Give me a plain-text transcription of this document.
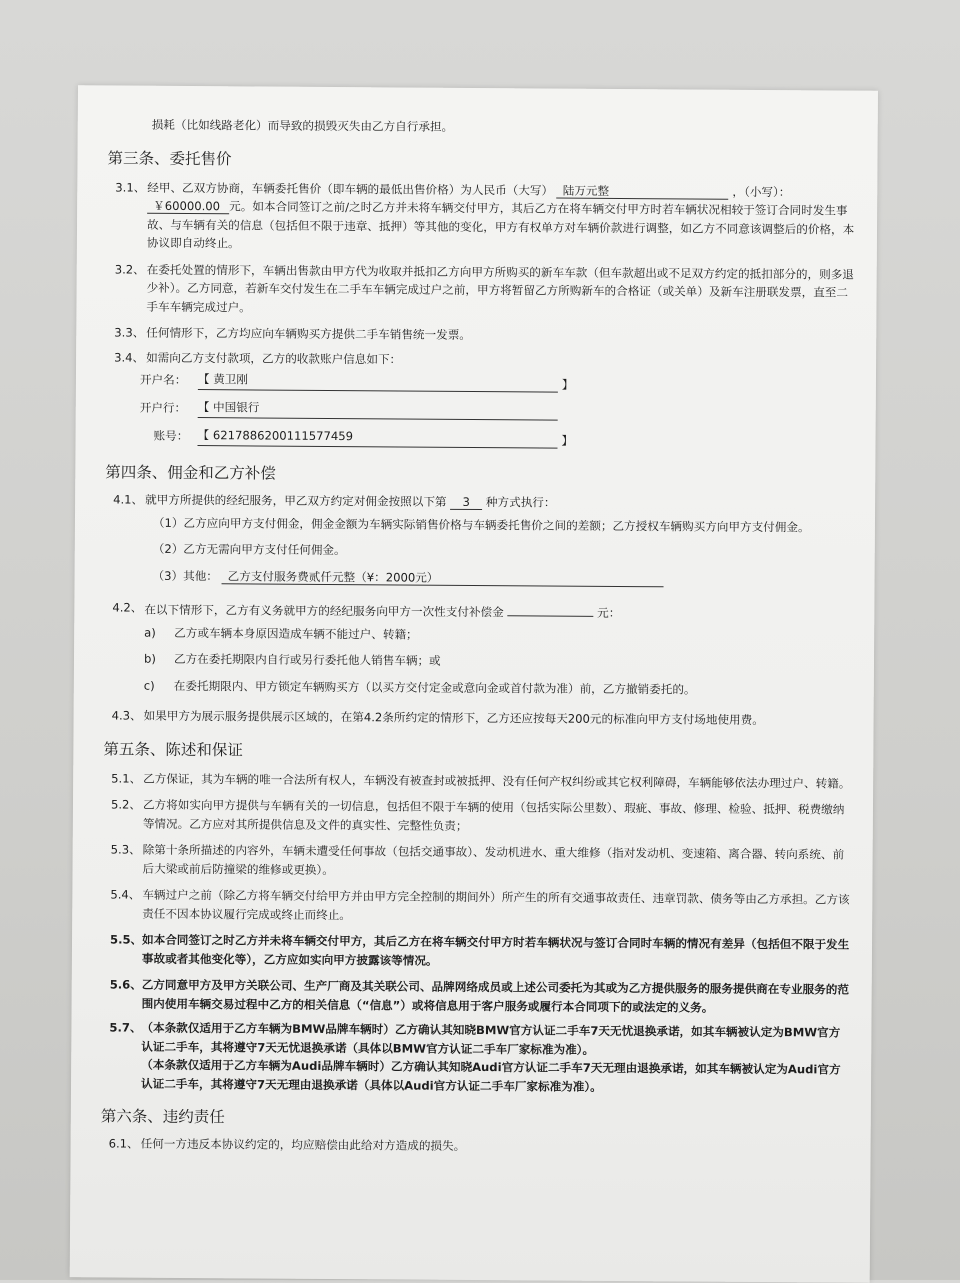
损耗（比如线路老化）而导致的损毁灭失由乙方自行承担。

第三条、委托售价

3.1、 经甲、乙双方协商，车辆委托售价（即车辆的最低出售价格）为人民币（大写） 陆万元整	，（小写）：
￥60000.00 元。如本合同签订之前/之时乙方并未将车辆交付甲方，其后乙方在将车辆交付甲方时若车辆状况相较于签订合同时发生事故、与车辆有关的信息（包括但不限于违章、抵押）等其他的变化，甲方有权单方对车辆价款进行调整，如乙方不同意该调整后的价格，本协议即自动终止。
3.2、 在委托处置的情形下，车辆出售款由甲方代为收取并抵扣乙方向甲方所购买的新车车款（但车款超出或不足双方约定的抵扣部分的，则多退少补）。乙方同意，若新车交付发生在二手车车辆完成过户之前，甲方将暂留乙方所购新车的合格证（或关单）及新车注册联发票，直至二手车车辆完成过户。
3.3、 任何情形下，乙方均应向车辆购买方提供二手车销售统一发票。
3.4、 如需向乙方支付款项，乙方的收款账户信息如下：
开户名： 【 黄卫刚	】
开户行： 【 中国银行
账号： 【 6217886200111577459	】

第四条、佣金和乙方补偿

4.1、 就甲方所提供的经纪服务，甲乙双方约定对佣金按照以下第 3 种方式执行：

（1）乙方应向甲方支付佣金，佣金金额为车辆实际销售价格与车辆委托售价之间的差额；乙方授权车辆购买方向甲方支付佣金。

（2）乙方无需向甲方支付任何佣金。

（3）其他： 乙方支付服务费贰仟元整（¥：2000元）

4.2、 在以下情形下，乙方有义务就甲方的经纪服务向甲方一次性支付补偿金	元：

a) 乙方或车辆本身原因造成车辆不能过户、转籍；

b) 乙方在委托期限内自行或另行委托他人销售车辆；或

c) 在委托期限内、甲方锁定车辆购买方（以买方交付定金或意向金或首付款为准）前，乙方撤销委托的。

4.3、 如果甲方为展示服务提供展示区域的，在第4.2条所约定的情形下，乙方还应按每天200元的标准向甲方支付场地使用费。

第五条、陈述和保证

5.1、 乙方保证，其为车辆的唯一合法所有权人，车辆没有被查封或被抵押、没有任何产权纠纷或其它权利障碍，车辆能够依法办理过户、转籍。
5.2、 乙方将如实向甲方提供与车辆有关的一切信息，包括但不限于车辆的使用（包括实际公里数）、瑕疵、事故、修理、检验、抵押、税费缴纳等情况。乙方应对其所提供信息及文件的真实性、完整性负责；
5.3、 除第十条所描述的内容外，车辆未遭受任何事故（包括交通事故）、发动机进水、重大维修（指对发动机、变速箱、离合器、转向系统、前后大梁或前后防撞梁的维修或更换）。
5.4、 车辆过户之前（除乙方将车辆交付给甲方并由甲方完全控制的期间外）所产生的所有交通事故责任、违章罚款、债务等由乙方承担。乙方该责任不因本协议履行完成或终止而终止。
5.5、 如本合同签订之时乙方并未将车辆交付甲方，其后乙方在将车辆交付甲方时若车辆状况与签订合同时车辆的情况有差异（包括但不限于发生事故或者其他变化等），乙方应如实向甲方披露该等情况。
5.6、 乙方同意甲方及甲方关联公司、生产厂商及其关联公司、品牌网络成员或上述公司委托为其或为乙方提供服务的服务提供商在专业服务的范围内使用车辆交易过程中乙方的相关信息（“信息”）或将信息用于客户服务或履行本合同项下的或法定的义务。
5.7、 （本条款仅适用于乙方车辆为BMW品牌车辆时）乙方确认其知晓BMW官方认证二手车7天无忧退换承诺，如其车辆被认定为BMW官方认证二手车，其将遵守7天无忧退换承诺（具体以BMW官方认证二手车厂家标准为准）。
（本条款仅适用于乙方车辆为Audi品牌车辆时）乙方确认其知晓Audi官方认证二手车7天无理由退换承诺，如其车辆被认定为Audi官方认证二手车，其将遵守7天无理由退换承诺（具体以Audi官方认证二手车厂家标准为准）。

第六条、违约责任

6.1、 任何一方违反本协议约定的，均应赔偿由此给对方造成的损失。
